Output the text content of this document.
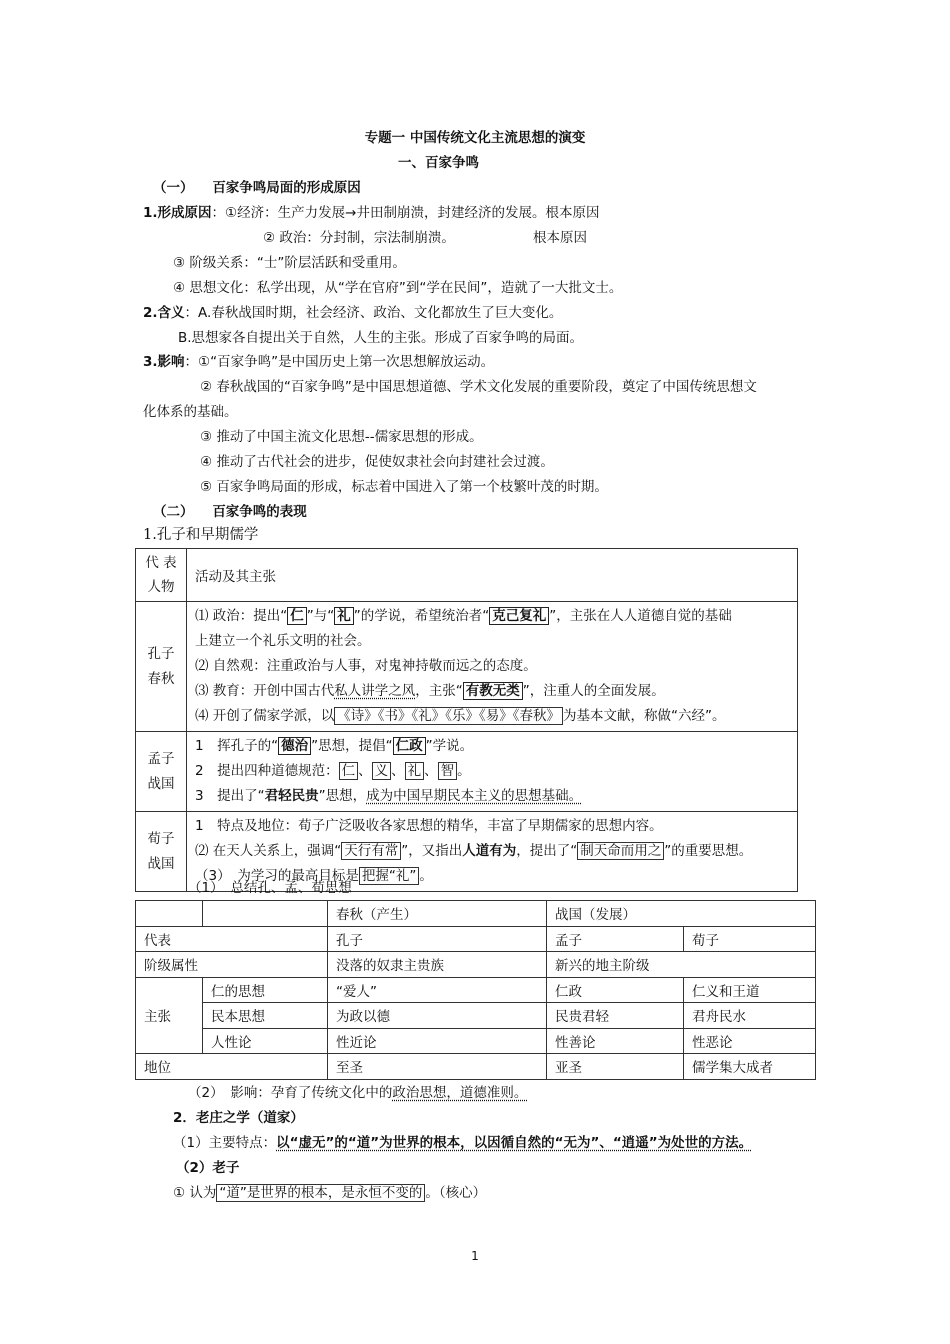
专题一 中国传统文化主流思想的演变
一、百家争鸣
（一） 百家争鸣局面的形成原因
1.形成原因：①经济：生产力发展→井田制崩溃，封建经济的发展。根本原因
② 政治：分封制，宗法制崩溃。	根本原因
③ 阶级关系：“士”阶层活跃和受重用。
④ 思想文化：私学出现，从“学在官府”到“学在民间”，造就了一大批文士。
2.含义：A.春秋战国时期，社会经济、政治、文化都放生了巨大变化。
B.思想家各自提出关于自然，人生的主张。形成了百家争鸣的局面。
3.影响：①“百家争鸣”是中国历史上第一次思想解放运动。
② 春秋战国的“百家争鸣”是中国思想道德、学术文化发展的重要阶段，奠定了中国传统思想文
化体系的基础。
③ 推动了中国主流文化思想--儒家思想的形成。
④ 推动了古代社会的进步，促使奴隶社会向封建社会过渡。
⑤ 百家争鸣局面的形成，标志着中国进入了第一个枝繁叶茂的时期。
（二） 百家争鸣的表现
1.孔子和早期儒学
代 表人物	活动及其主张
孔子春秋	⑴ 政治：提出“ 仁 ”与“ 礼 ”的学说，希望统治者“ 克己复礼 ”，主张在人人道德自觉的基础
上建立一个礼乐文明的社会。
⑵ 自然观：注重政治与人事，对鬼神持敬而远之的态度。
⑶ 教育：开创中国古代私人讲学之风，主张“ 有教无类 ”，注重人的全面发展。
⑷ 开创了儒家学派，以 《诗》《书》《礼》《乐》《易》《春秋》 为基本文献，称做“六经”。

孟子战国	1　挥孔子的“ 德治 ”思想，提倡“ 仁政 ”学说。
2　提出四种道德规范： 仁 、 义 、 礼 、 智 。
3　提出了“君轻民贵”思想，成为中国早期民本主义的思想基础。

荀子战国	1　特点及地位：荀子广泛吸收各家思想的精华，丰富了早期儒家的思想内容。
⑵ 在天人关系上，强调“ 天行有常 ”，又指出人道有为，提出了“ 制天命而用之 ”的重要思想。
（3）　为学习的最高目标是 把握“礼” 。
（1）　总结孔、孟、荀思想
		春秋（产生）	战国（发展）	
代表		孔子	孟子	荀子
阶级属性		没落的奴隶主贵族	新兴的地主阶级	
主张	仁的思想	“爱人”	仁政	仁义和王道
	民本思想	为政以德	民贵君轻	君舟民水
	人性论	性近论	性善论	性恶论
地位		至圣	亚圣	儒学集大成者
（2）　影响：孕育了传统文化中的政治思想，道德准则。
2．老庄之学（道家）
（1）主要特点：以“虚无”的“道”为世界的根本，以因循自然的“无为”、“逍遥”为处世的方法。
（2）老子
① 认为 “道”是世界的根本，是永恒不变的 。（核心）
1
